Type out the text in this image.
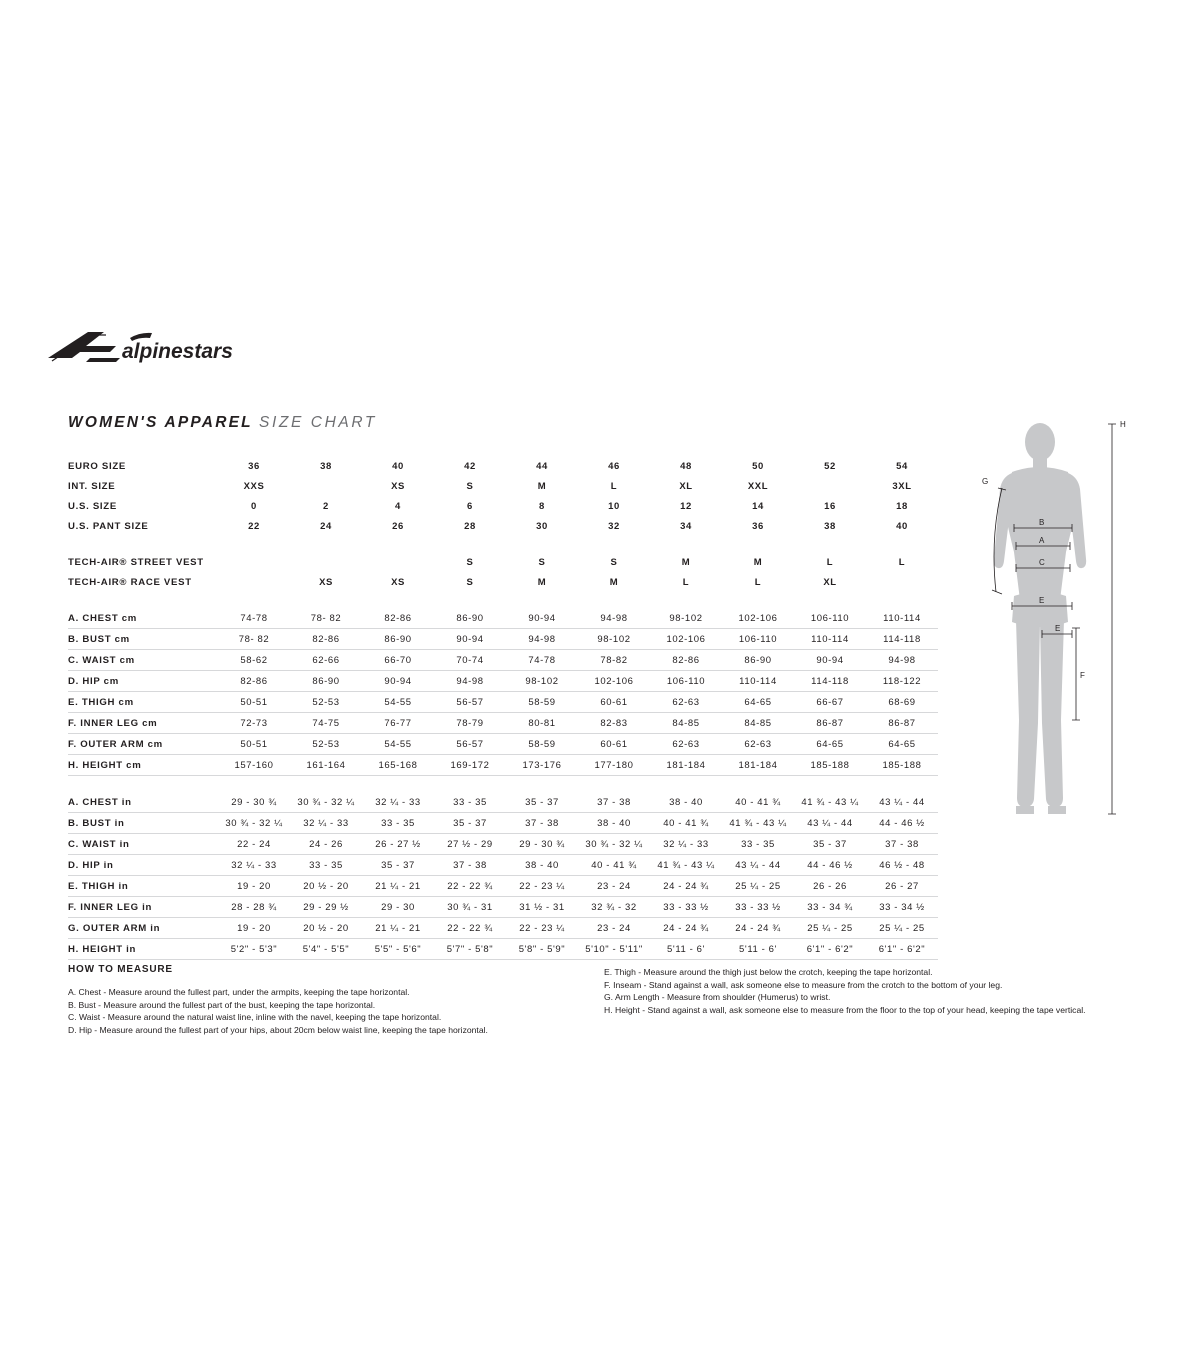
alpinestars
WOMEN'S APPAREL SIZE CHART
EURO SIZE	36	38	40	42	44	46	48	50	52	54
INT. SIZE	XXS		XS	S	M	L	XL	XXL		3XL
U.S. SIZE	0	2	4	6	8	10	12	14	16	18
U.S. PANT SIZE	22	24	26	28	30	32	34	36	38	40

TECH-AIR® STREET VEST				S	S	S	M	M	L	L
TECH-AIR® RACE VEST		XS	XS	S	M	M	L	L	XL	

A. CHEST cm	74-78	78- 82	82-86	86-90	90-94	94-98	98-102	102-106	106-110	110-114
B. BUST cm	78- 82	82-86	86-90	90-94	94-98	98-102	102-106	106-110	110-114	114-118
C. WAIST cm	58-62	62-66	66-70	70-74	74-78	78-82	82-86	86-90	90-94	94-98
D. HIP cm	82-86	86-90	90-94	94-98	98-102	102-106	106-110	110-114	114-118	118-122
E. THIGH cm	50-51	52-53	54-55	56-57	58-59	60-61	62-63	64-65	66-67	68-69
F. INNER LEG cm	72-73	74-75	76-77	78-79	80-81	82-83	84-85	84-85	86-87	86-87
F. OUTER ARM cm	50-51	52-53	54-55	56-57	58-59	60-61	62-63	62-63	64-65	64-65
H. HEIGHT cm	157-160	161-164	165-168	169-172	173-176	177-180	181-184	181-184	185-188	185-188

A. CHEST in	29 - 30 ¾	30 ¾ - 32 ¼	32 ¼ - 33	33 - 35	35 - 37	37 - 38	38 - 40	40 - 41 ¾	41 ¾ - 43 ¼	43 ¼ - 44
B. BUST in	30 ¾ - 32 ¼	32 ¼ - 33	33 - 35	35 - 37	37 - 38	38 - 40	40 - 41 ¾	41 ¾ - 43 ¼	43 ¼ - 44	44 - 46 ½
C. WAIST in	22 - 24	24 - 26	26 - 27 ½	27 ½ - 29	29 - 30 ¾	30 ¾ - 32 ¼	32 ¼ - 33	33 - 35	35 - 37	37 - 38
D. HIP in	32 ¼ - 33	33 - 35	35 - 37	37 - 38	38 - 40	40 - 41 ¾	41 ¾ - 43 ¼	43 ¼ - 44	44 - 46 ½	46 ½ - 48
E. THIGH in	19 - 20	20 ½ - 20	21 ¼ - 21	22 - 22 ¾	22 - 23 ¼	23 - 24	24 - 24 ¾	25 ¼ - 25	26 - 26	26 - 27
F. INNER LEG in	28 - 28 ¾	29 - 29 ½	29 - 30	30 ¾ - 31	31 ½ - 31	32 ¾ - 32	33 - 33 ½	33 - 33 ½	33 - 34 ¾	33 - 34 ½
G. OUTER ARM in	19 - 20	20 ½ - 20	21 ¼ - 21	22 - 22 ¾	22 - 23 ¼	23 - 24	24 - 24 ¾	24 - 24 ¾	25 ¼ - 25	25 ¼ - 25
H. HEIGHT in	5'2" - 5'3"	5'4" - 5'5"	5'5" - 5'6"	5'7" - 5'8"	5'8" - 5'9"	5'10" - 5'11"	5'11 - 6'	5'11 - 6'	6'1" - 6'2"	6'1" - 6'2"
HOW TO MEASURE
A. Chest - Measure around the fullest part, under the armpits, keeping the tape horizontal.
B. Bust - Measure around the fullest part of the bust, keeping the tape horizontal.
C. Waist - Measure around the natural waist line, inline with the navel, keeping the tape horizontal.
D. Hip - Measure around the fullest part of your hips, about 20cm below waist line, keeping the tape horizontal.
E. Thigh - Measure around the thigh just below the crotch, keeping the tape horizontal.
F. Inseam - Stand against a wall, ask someone else to measure from the crotch to the bottom of your leg.
G. Arm Length - Measure from shoulder (Humerus) to wrist.
H. Height - Stand against a wall, ask someone else to measure from the floor to the top of your head, keeping the tape vertical.
H
G
B
A
C
E
E
F
